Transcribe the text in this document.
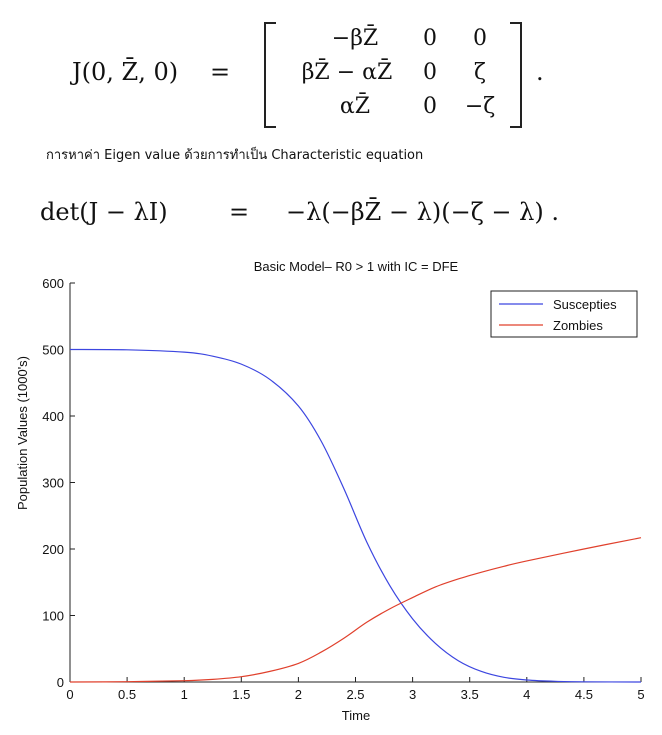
J(0, Z̄, 0) =
−βZ̄	0	0
βZ̄ − αZ̄	0	ζ
αZ̄	0	−ζ
.
การหาค่า Eigen value ด้วยการทำเป็น Characteristic equation
det(J − λI)	= −λ(−βZ̄ − λ)(−ζ − λ) .
Basic Model– R0 > 1 with IC = DFE
0	0.5	1	1.5	2	2.5	3	3.5	4	4.5	5
0
100
200
300
400
500
600
Suscepties
Zombies
Time
Population Values (1000's)
